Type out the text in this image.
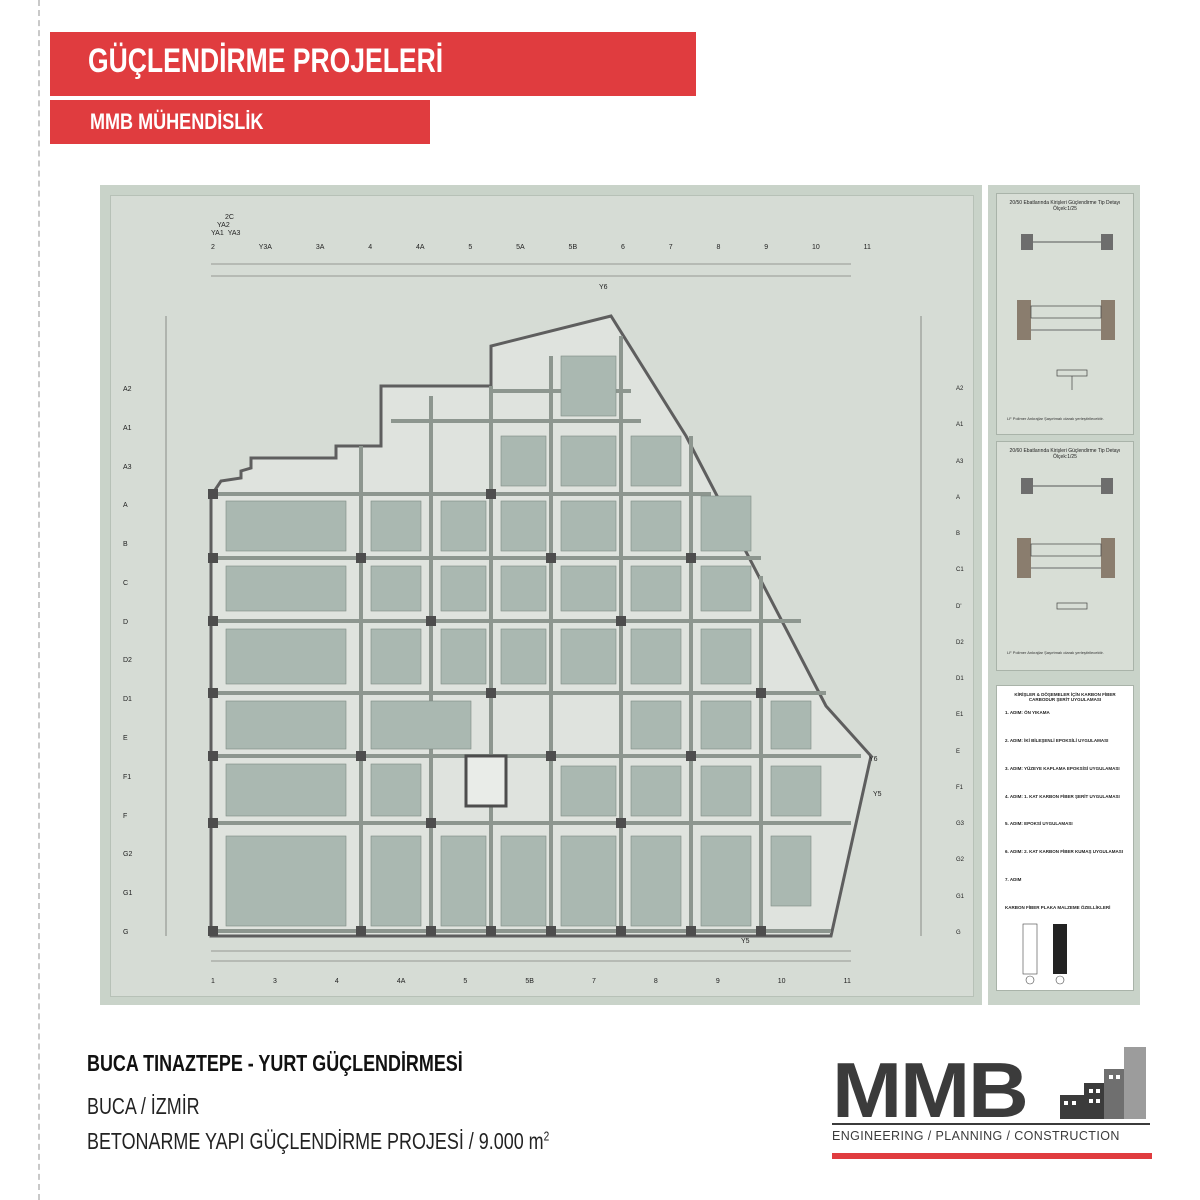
GÜÇLENDİRME PROJELERİ
MMB MÜHENDİSLİK
2	Y3A	3A	4	4A	5	5A	5B	6	7	8	9	10	11
2C
YA2
YA1 YA3
1	3	4	4A	5	5B	7	8	9	10	11
A2
A1
A3
A
B
C
D
D2
D1
E
F1
F
G2
G1
G
A2
A1
A3
A
B
C1
D'
D2
D1
E1
E
F1
G3
G2
G1
G
Y6
Y6
Y5
Y5
20/50 Ebatlarında Kirişleri Güçlendirme Tip Detayı Ölçek:1/25
LF Polimer Ankrajlar Şaşırtmalı olarak yerleştirilecektir.
20/60 Ebatlarında Kirişleri Güçlendirme Tip Detayı Ölçek:1/25
LF Polimer Ankrajlar Şaşırtmalı olarak yerleştirilecektir.
KİRİŞLER & DÖŞEMELER İÇİN KARBON FİBER CARBODUR ŞERİT UYGULAMASI
1. ADIM: ÖN YIKAMA
2. ADIM: İKİ BİLEŞENLİ EPOKSİLİ UYGULAMASI
3. ADIM: YÜZEYE KAPLAMA EPOKSİSİ UYGULAMASI
4. ADIM: 1. KAT KARBON FİBER ŞERİT UYGULAMASI
5. ADIM: EPOKSİ UYGULAMASI
6. ADIM: 2. KAT KARBON FİBER KUMAŞ UYGULAMASI
7. ADIM
KARBON FİBER PLAKA MALZEME ÖZELLİKLERİ
BUCA TINAZTEPE - YURT GÜÇLENDİRMESİ
BUCA / İZMİR
BETONARME YAPI GÜÇLENDİRME PROJESİ / 9.000 $m^2$
MMB
ENGINEERING / PLANNING / CONSTRUCTION
